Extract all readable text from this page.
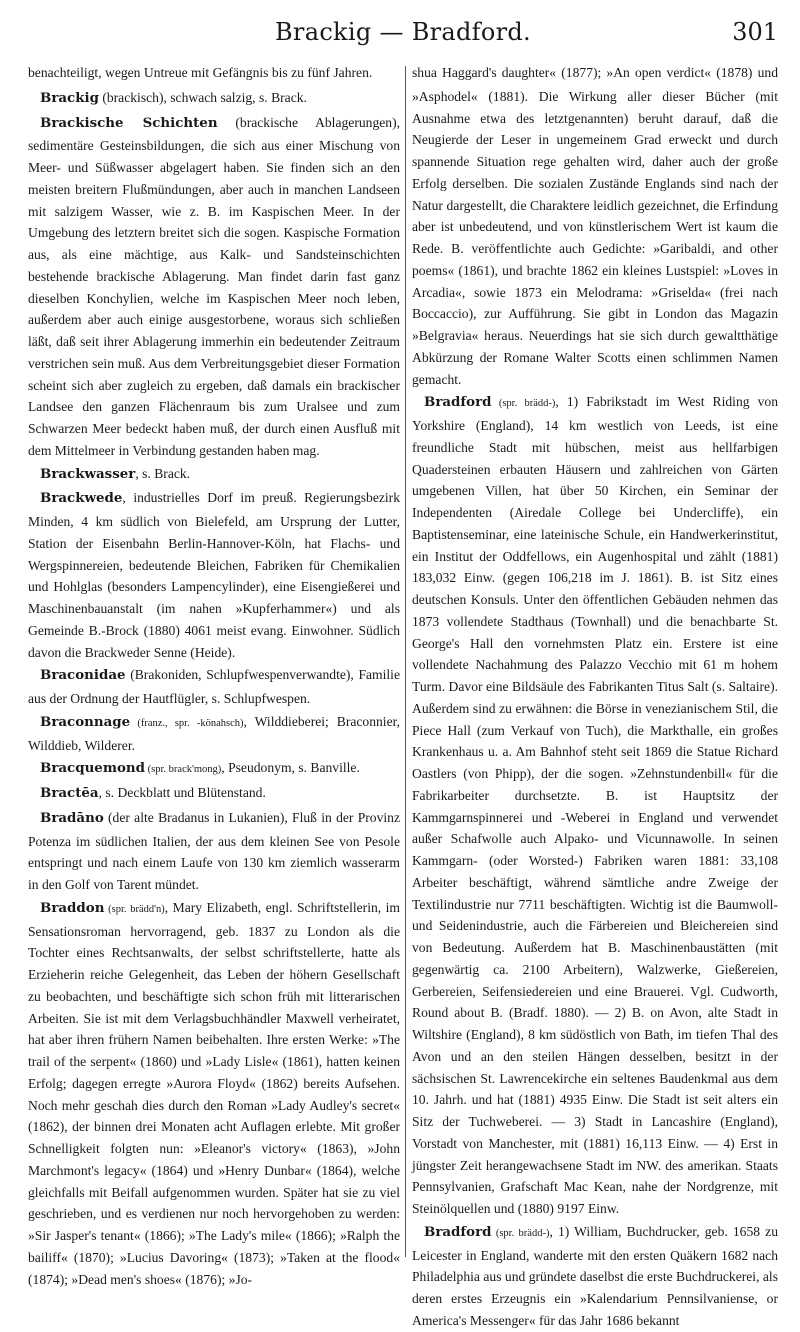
Brackig — Bradford.	301

benachteiligt, wegen Untreue mit Gefängnis bis zu fünf Jahren.

Brackig (brackisch), schwach salzig, s. Brack.

Brackische Schichten (brackische Ablagerungen), sedimentäre Gesteinsbildungen, die sich aus einer Mischung von Meer- und Süßwasser abgelagert haben. Sie finden sich an den meisten breitern Flußmündungen, aber auch in manchen Landseen mit salzigem Wasser, wie z. B. im Kaspischen Meer. In der Umgebung des letztern breitet sich die sogen. Kaspische Formation aus, als eine mächtige, aus Kalk- und Sandsteinschichten bestehende brackische Ablagerung. Man findet darin fast ganz dieselben Konchylien, welche im Kaspischen Meer noch leben, außerdem aber auch einige ausgestorbene, woraus sich schließen läßt, daß seit ihrer Ablagerung immerhin ein bedeutender Zeitraum verstrichen sein muß. Aus dem Verbreitungsgebiet dieser Formation scheint sich aber zugleich zu ergeben, daß damals ein brackischer Landsee den ganzen Flächenraum bis zum Uralsee und zum Schwarzen Meer bedeckt haben muß, der durch einen Ausfluß mit dem Mittelmeer in Verbindung gestanden haben mag.

Brackwasser, s. Brack.

Brackwede, industrielles Dorf im preuß. Regierungsbezirk Minden, 4 km südlich von Bielefeld, am Ursprung der Lutter, Station der Eisenbahn Berlin-Hannover-Köln, hat Flachs- und Wergspinnereien, bedeutende Bleichen, Fabriken für Chemikalien und Hohlglas (besonders Lampencylinder), eine Eisengießerei und Maschinenbauanstalt (im nahen »Kupferhammer«) und als Gemeinde B.-Brock (1880) 4061 meist evang. Einwohner. Südlich davon die Brackweder Senne (Heide).

Braconidae (Brakoniden, Schlupfwespenverwandte), Familie aus der Ordnung der Hautflügler, s. Schlupfwespen.

Braconnage (franz., spr. -könahsch), Wilddieberei; Braconnier, Wilddieb, Wilderer.

Bracquemond (spr. brack'mong), Pseudonym, s. Banville.

Bractēa, s. Deckblatt und Blütenstand.

Bradāno (der alte Bradanus in Lukanien), Fluß in der Provinz Potenza im südlichen Italien, der aus dem kleinen See von Pesole entspringt und nach einem Laufe von 130 km ziemlich wasserarm in den Golf von Tarent mündet.

Braddon (spr. brädd'n), Mary Elizabeth, engl. Schriftstellerin, im Sensationsroman hervorragend, geb. 1837 zu London als die Tochter eines Rechtsanwalts, der selbst schriftstellerte, hatte als Erzieherin reiche Gelegenheit, das Leben der höhern Gesellschaft zu beobachten, und beschäftigte sich schon früh mit litterarischen Arbeiten. Sie ist mit dem Verlagsbuchhändler Maxwell verheiratet, hat aber ihren frühern Namen beibehalten. Ihre ersten Werke: »The trail of the serpent« (1860) und »Lady Lisle« (1861), hatten keinen Erfolg; dagegen erregte »Aurora Floyd« (1862) bereits Aufsehen. Noch mehr geschah dies durch den Roman »Lady Audley's secret« (1862), der binnen drei Monaten acht Auflagen erlebte. Mit großer Schnelligkeit folgten nun: »Eleanor's victory« (1863), »John Marchmont's legacy« (1864) und »Henry Dunbar« (1864), welche gleichfalls mit Beifall aufgenommen wurden. Später hat sie zu viel geschrieben, und es verdienen nur noch hervorgehoben zu werden: »Sir Jasper's tenant« (1866); »The Lady's mile« (1866); »Ralph the bailiff« (1870); »Lucius Davoring« (1873); »Taken at the flood« (1874); »Dead men's shoes« (1876); »Jo-

shua Haggard's daughter« (1877); »An open verdict« (1878) und »Asphodel« (1881). Die Wirkung aller dieser Bücher (mit Ausnahme etwa des letztgenannten) beruht darauf, daß die Neugierde der Leser in ungemeinem Grad erweckt und durch spannende Situation rege gehalten wird, daher auch der große Erfolg derselben. Die sozialen Zustände Englands sind nach der Natur dargestellt, die Charaktere leidlich gezeichnet, die Erfindung aber ist unbedeutend, und von künstlerischem Wert ist kaum die Rede. B. veröffentlichte auch Gedichte: »Garibaldi, and other poems« (1861), und brachte 1862 ein kleines Lustspiel: »Loves in Arcadia«, sowie 1873 ein Melodrama: »Griselda« (frei nach Boccaccio), zur Aufführung. Sie gibt in London das Magazin »Belgravia« heraus. Neuerdings hat sie sich durch gewaltthätige Abkürzung der Romane Walter Scotts einen schlimmen Namen gemacht.

Bradford (spr. brädd-), 1) Fabrikstadt im West Riding von Yorkshire (England), 14 km westlich von Leeds, ist eine freundliche Stadt mit hübschen, meist aus hellfarbigen Quadersteinen erbauten Häusern und zahlreichen von Gärten umgebenen Villen, hat über 50 Kirchen, ein Seminar der Independenten (Airedale College bei Undercliffe), ein Baptistenseminar, eine lateinische Schule, ein Handwerkerinstitut, ein Institut der Oddfellows, ein Augenhospital und zählt (1881) 183,032 Einw. (gegen 106,218 im J. 1861). B. ist Sitz eines deutschen Konsuls. Unter den öffentlichen Gebäuden nehmen das 1873 vollendete Stadthaus (Townhall) und die benachbarte St. George's Hall den vornehmsten Platz ein. Erstere ist eine vollendete Nachahmung des Palazzo Vecchio mit 61 m hohem Turm. Davor eine Bildsäule des Fabrikanten Titus Salt (s. Saltaire). Außerdem sind zu erwähnen: die Börse in venezianischem Stil, die Piece Hall (zum Verkauf von Tuch), die Markthalle, ein großes Krankenhaus u. a. Am Bahnhof steht seit 1869 die Statue Richard Oastlers (von Phipp), der die sogen. »Zehnstundenbill« für die Fabrikarbeiter durchsetzte. B. ist Hauptsitz der Kammgarnspinnerei und -Weberei in England und verwendet außer Schafwolle auch Alpako- und Vicunnawolle. In seinen Kammgarn- (oder Worsted-) Fabriken waren 1881: 33,108 Arbeiter beschäftigt, während sämtliche andre Zweige der Textilindustrie nur 7711 beschäftigten. Wichtig ist die Baumwoll- und Seidenindustrie, auch die Färbereien und Bleichereien sind von Bedeutung. Außerdem hat B. Maschinenbaustätten (mit gegenwärtig ca. 2100 Arbeitern), Walzwerke, Gießereien, Gerbereien, Seifensiedereien und eine Brauerei. Vgl. Cudworth, Round about B. (Bradf. 1880). — 2) B. on Avon, alte Stadt in Wiltshire (England), 8 km südöstlich von Bath, im tiefen Thal des Avon und an den steilen Hängen desselben, besitzt in der sächsischen St. Lawrencekirche ein seltenes Baudenkmal aus dem 10. Jahrh. und hat (1881) 4935 Einw. Die Stadt ist seit alters ein Sitz der Tuchweberei. — 3) Stadt in Lancashire (England), Vorstadt von Manchester, mit (1881) 16,113 Einw. — 4) Erst in jüngster Zeit herangewachsene Stadt im NW. des amerikan. Staats Pennsylvanien, Grafschaft Mac Kean, nahe der Nordgrenze, mit Steinölquellen und (1880) 9197 Einw.

Bradford (spr. brädd-), 1) William, Buchdrucker, geb. 1658 zu Leicester in England, wanderte mit den ersten Quäkern 1682 nach Philadelphia aus und gründete daselbst die erste Buchdruckerei, als deren erstes Erzeugnis ein »Kalendarium Pennsilvaniense, or America's Messenger« für das Jahr 1686 bekannt
